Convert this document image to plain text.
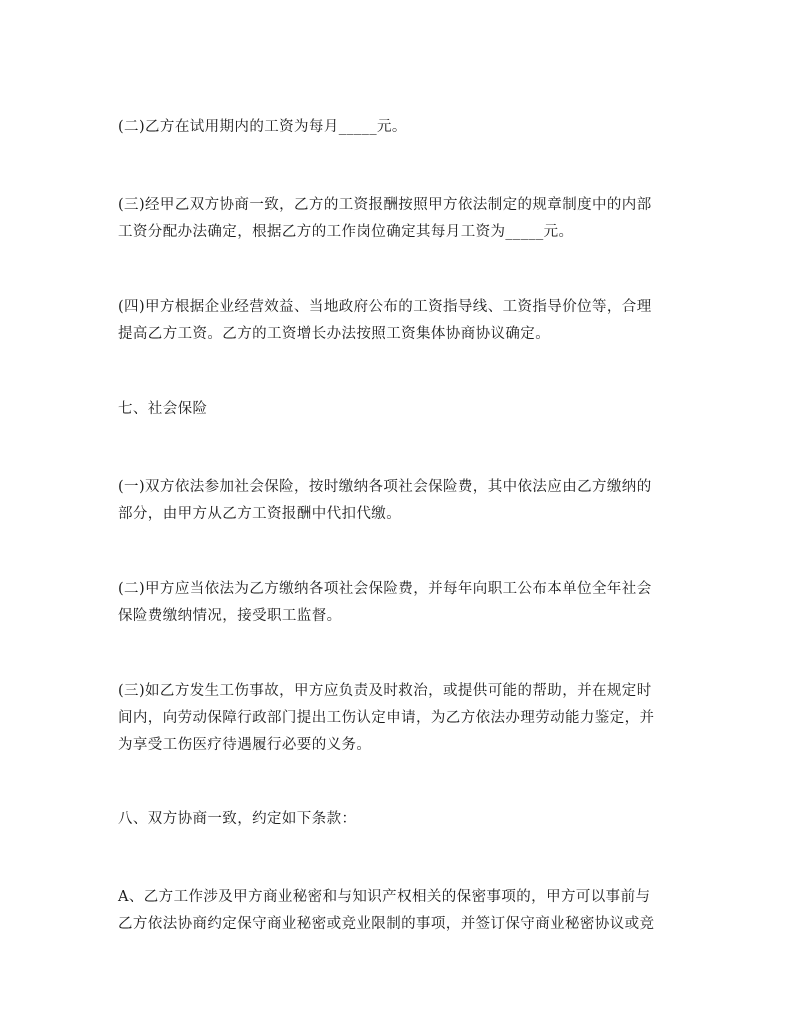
(二)乙方在试用期内的工资为每月_____元。

(三)经甲乙双方协商一致，乙方的工资报酬按照甲方依法制定的规章制度中的内部
工资分配办法确定，根据乙方的工作岗位确定其每月工资为_____元。

(四)甲方根据企业经营效益、当地政府公布的工资指导线、工资指导价位等，合理
提高乙方工资。乙方的工资增长办法按照工资集体协商协议确定。

七、社会保险

(一)双方依法参加社会保险，按时缴纳各项社会保险费，其中依法应由乙方缴纳的
部分，由甲方从乙方工资报酬中代扣代缴。

(二)甲方应当依法为乙方缴纳各项社会保险费，并每年向职工公布本单位全年社会
保险费缴纳情况，接受职工监督。

(三)如乙方发生工伤事故，甲方应负责及时救治，或提供可能的帮助，并在规定时
间内，向劳动保障行政部门提出工伤认定申请，为乙方依法办理劳动能力鉴定，并
为享受工伤医疗待遇履行必要的义务。

八、双方协商一致，约定如下条款：

A、乙方工作涉及甲方商业秘密和与知识产权相关的保密事项的，甲方可以事前与
乙方依法协商约定保守商业秘密或竞业限制的事项，并签订保守商业秘密协议或竞
